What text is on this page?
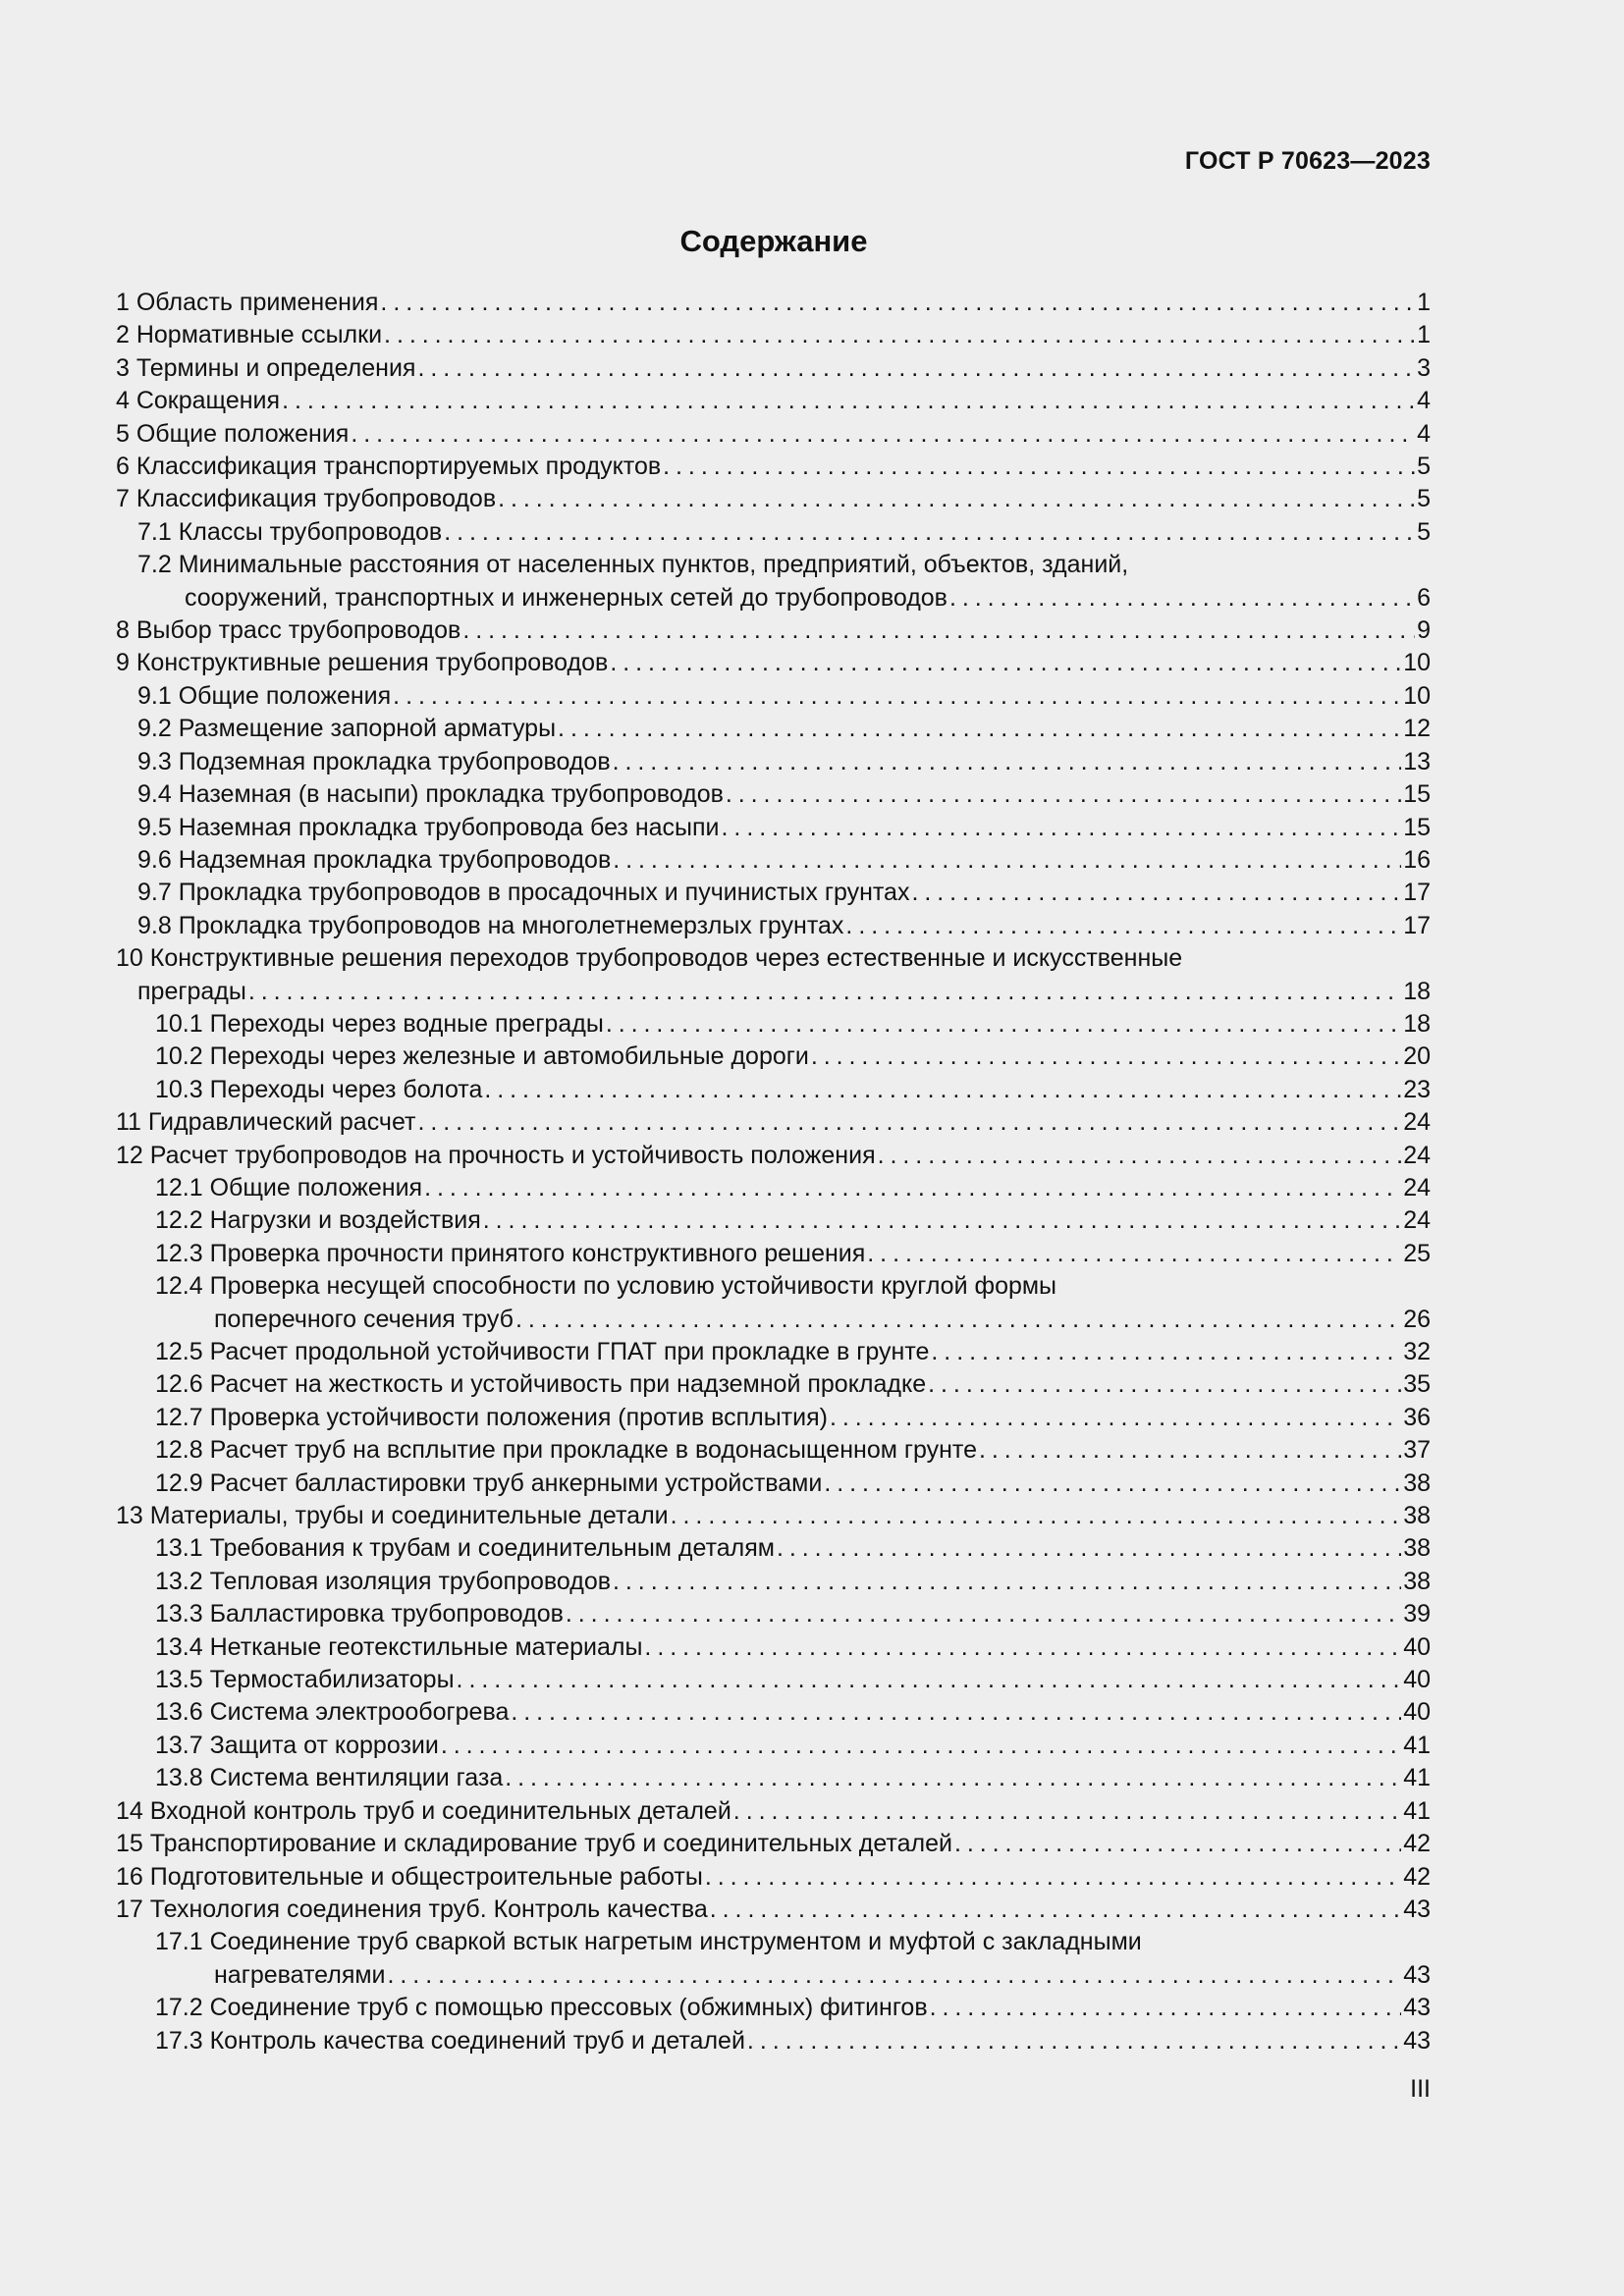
ГОСТ Р 70623—2023
Содержание
1 Область применения . . .	1
2 Нормативные ссылки . . .	1
3 Термины и определения . . .	3
4 Сокращения . . .	4
5 Общие положения . . .	4
6 Классификация транспортируемых продуктов . . .	5
7 Классификация трубопроводов . . .	5
7.1 Классы трубопроводов . . .	5
7.2 Минимальные расстояния от населенных пунктов, предприятий, объектов, зданий,
сооружений, транспортных и инженерных сетей до трубопроводов . . .	6
8 Выбор трасс трубопроводов . . .	9
9 Конструктивные решения трубопроводов . . .	10
9.1 Общие положения . . .	10
9.2 Размещение запорной арматуры . . .	12
9.3 Подземная прокладка трубопроводов . . .	13
9.4 Наземная (в насыпи) прокладка трубопроводов . . .	15
9.5 Наземная прокладка трубопровода без насыпи . . .	15
9.6 Надземная прокладка трубопроводов . . .	16
9.7 Прокладка трубопроводов в просадочных и пучинистых грунтах . . .	17
9.8 Прокладка трубопроводов на многолетнемерзлых грунтах . . .	17
10 Конструктивные решения переходов трубопроводов через естественные и искусственные
преграды . . .	18
10.1 Переходы через водные преграды . . .	18
10.2 Переходы через железные и автомобильные дороги . . .	20
10.3 Переходы через болота . . .	23
11 Гидравлический расчет . . .	24
12 Расчет трубопроводов на прочность и устойчивость положения . . .	24
12.1 Общие положения . . .	24
12.2 Нагрузки и воздействия . . .	24
12.3 Проверка прочности принятого конструктивного решения . . .	25
12.4 Проверка несущей способности по условию устойчивости круглой формы
поперечного сечения труб . . .	26
12.5 Расчет продольной устойчивости ГПАТ при прокладке в грунте . . .	32
12.6 Расчет на жесткость и устойчивость при надземной прокладке . . .	35
12.7 Проверка устойчивости положения (против всплытия) . . .	36
12.8 Расчет труб на всплытие при прокладке в водонасыщенном грунте . . .	37
12.9 Расчет балластировки труб анкерными устройствами . . .	38
13 Материалы, трубы и соединительные детали . . .	38
13.1 Требования к трубам и соединительным деталям . . .	38
13.2 Тепловая изоляция трубопроводов . . .	38
13.3 Балластировка трубопроводов . . .	39
13.4 Нетканые геотекстильные материалы . . .	40
13.5 Термостабилизаторы . . .	40
13.6 Система электрообогрева . . .	40
13.7 Защита от коррозии . . .	41
13.8 Система вентиляции газа . . .	41
14 Входной контроль труб и соединительных деталей . . .	41
15 Транспортирование и складирование труб и соединительных деталей . . .	42
16 Подготовительные и общестроительные работы . . .	42
17 Технология соединения труб. Контроль качества . . .	43
17.1 Соединение труб сваркой встык нагретым инструментом и муфтой с закладными
нагревателями . . .	43
17.2 Соединение труб с помощью прессовых (обжимных) фитингов . . .	43
17.3 Контроль качества соединений труб и деталей . . .	43
III
